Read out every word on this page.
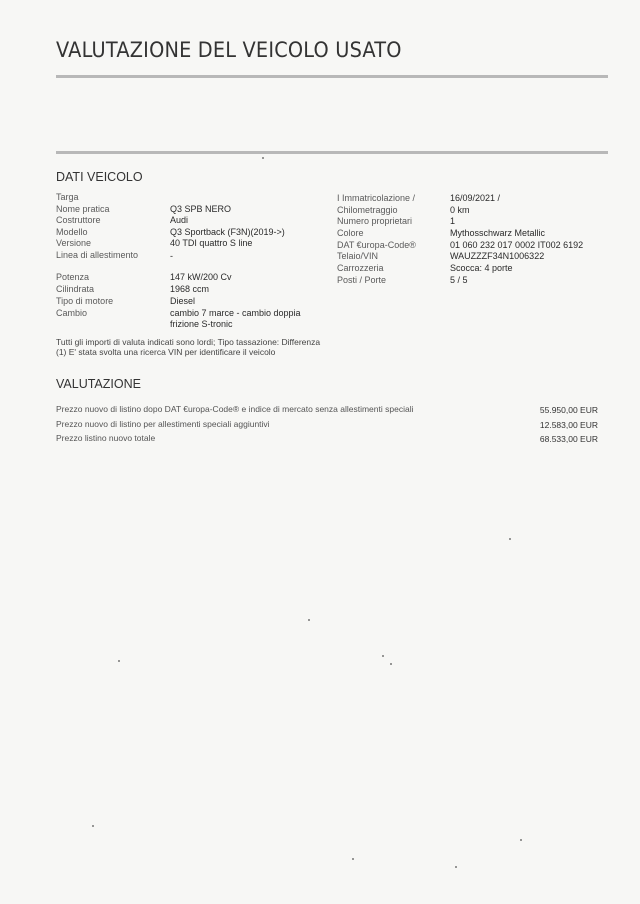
VALUTAZIONE DEL VEICOLO USATO
DATI VEICOLO
Targa
Nome pratica	Q3 SPB NERO
Costruttore	Audi
Modello	Q3 Sportback (F3N)(2019->)
Versione	40 TDI quattro S line
Linea di allestimento	-
Potenza	147 kW/200 Cv
Cilindrata	1968 ccm
Tipo di motore	Diesel
Cambio	cambio 7 marce - cambio doppia
frizione S-tronic
I Immatricolazione /	16/09/2021 /
Chilometraggio	0 km
Numero proprietari	1
Colore	Mythosschwarz Metallic
DAT €uropa-Code®	01 060 232 017 0002 IT002 6192
Telaio/VIN	WAUZZZF34N1006322
Carrozzeria	Scocca: 4 porte
Posti / Porte	5 / 5
Tutti gli importi di valuta indicati sono lordi; Tipo tassazione: Differenza
(1) E' stata svolta una ricerca VIN per identificare il veicolo
VALUTAZIONE
Prezzo nuovo di listino dopo DAT €uropa-Code® e indice di mercato senza allestimenti speciali	55.950,00 EUR
Prezzo nuovo di listino per allestimenti speciali aggiuntivi	12.583,00 EUR
Prezzo listino nuovo totale	68.533,00 EUR
